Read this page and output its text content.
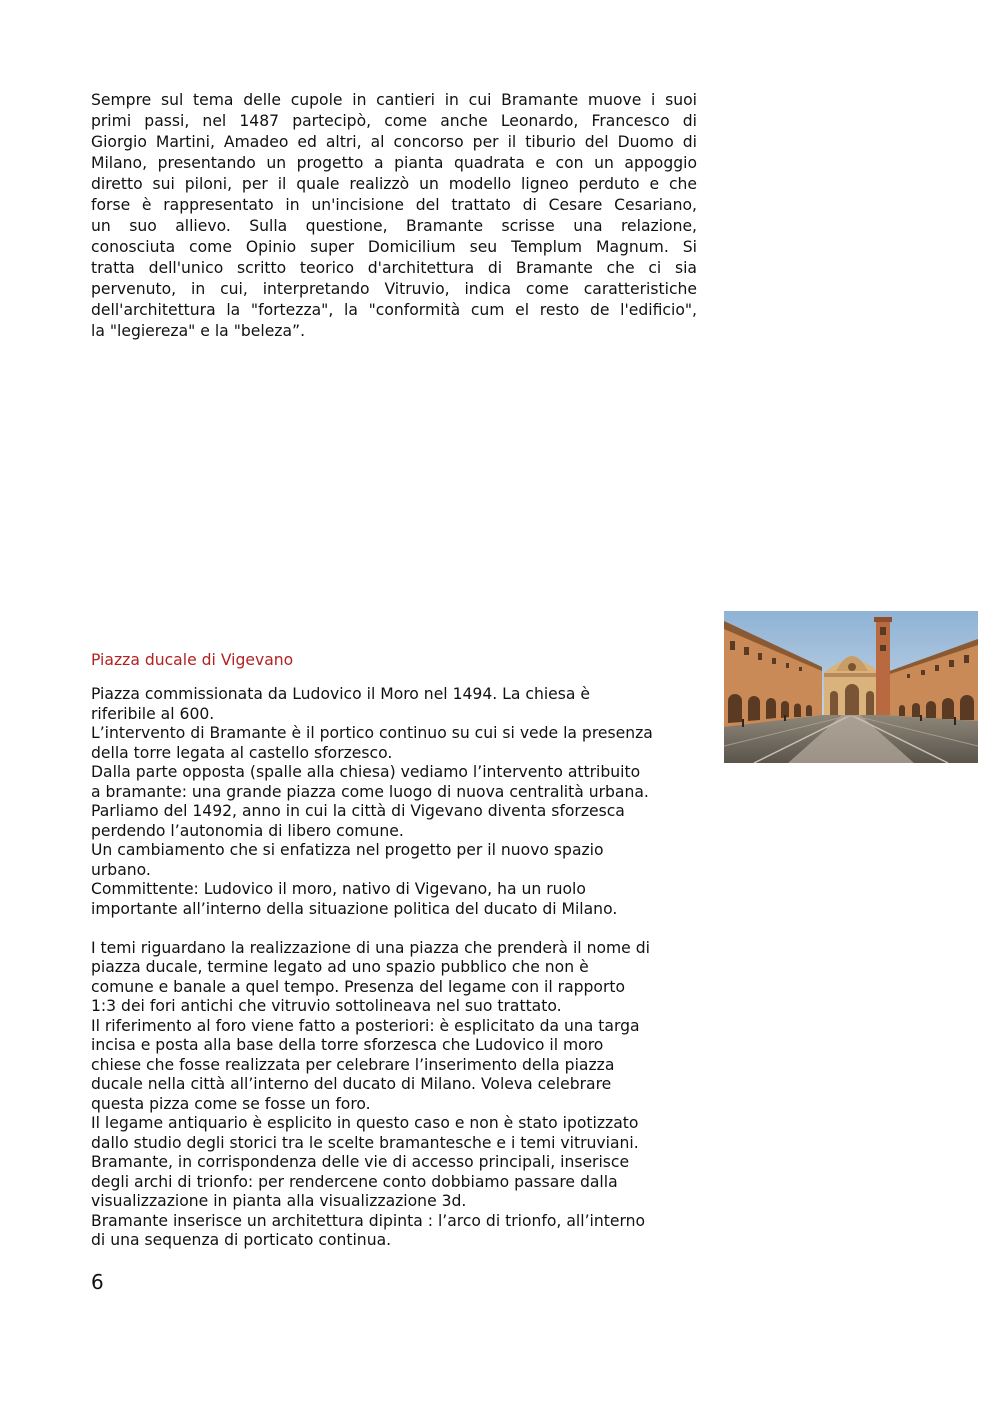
Sempre sul tema delle cupole in cantieri in cui Bramante muove i suoi
primi passi, nel 1487 partecipò, come anche Leonardo, Francesco di
Giorgio Martini, Amadeo ed altri, al concorso per il tiburio del Duomo di
Milano, presentando un progetto a pianta quadrata e con un appoggio
diretto sui piloni, per il quale realizzò un modello ligneo perduto e che
forse è rappresentato in un'incisione del trattato di Cesare Cesariano,
un suo allievo. Sulla questione, Bramante scrisse una relazione,
conosciuta come Opinio super Domicilium seu Templum Magnum. Si
tratta dell'unico scritto teorico d'architettura di Bramante che ci sia
pervenuto, in cui, interpretando Vitruvio, indica come caratteristiche
dell'architettura la "fortezza", la "conformità cum el resto de l'edificio",
la "legiereza" e la "beleza”.
Piazza ducale di Vigevano
Piazza commissionata da Ludovico il Moro nel 1494. La chiesa è
riferibile al 600.
L’intervento di Bramante è il portico continuo su cui si vede la presenza
della torre legata al castello sforzesco.
Dalla parte opposta (spalle alla chiesa) vediamo l’intervento attribuito
a bramante: una grande piazza come luogo di nuova centralità urbana.
Parliamo del 1492, anno in cui la città di Vigevano diventa sforzesca
perdendo l’autonomia di libero comune.
Un cambiamento che si enfatizza nel progetto per il nuovo spazio
urbano.
Committente: Ludovico il moro, nativo di Vigevano, ha un ruolo
importante all’interno della situazione politica del ducato di Milano.
I temi riguardano la realizzazione di una piazza che prenderà il nome di
piazza ducale, termine legato ad uno spazio pubblico che non è
comune e banale a quel tempo. Presenza del legame con il rapporto
1:3 dei fori antichi che vitruvio sottolineava nel suo trattato.
Il riferimento al foro viene fatto a posteriori: è esplicitato da una targa
incisa e posta alla base della torre sforzesca che Ludovico il moro
chiese che fosse realizzata per celebrare l’inserimento della piazza
ducale nella città all’interno del ducato di Milano. Voleva celebrare
questa pizza come se fosse un foro.
Il legame antiquario è esplicito in questo caso e non è stato ipotizzato
dallo studio degli storici tra le scelte bramantesche e i temi vitruviani.
Bramante, in corrispondenza delle vie di accesso principali, inserisce
degli archi di trionfo: per rendercene conto dobbiamo passare dalla
visualizzazione in pianta alla visualizzazione 3d.
Bramante inserisce un architettura dipinta : l’arco di trionfo, all’interno
di una sequenza di porticato continua.
6
